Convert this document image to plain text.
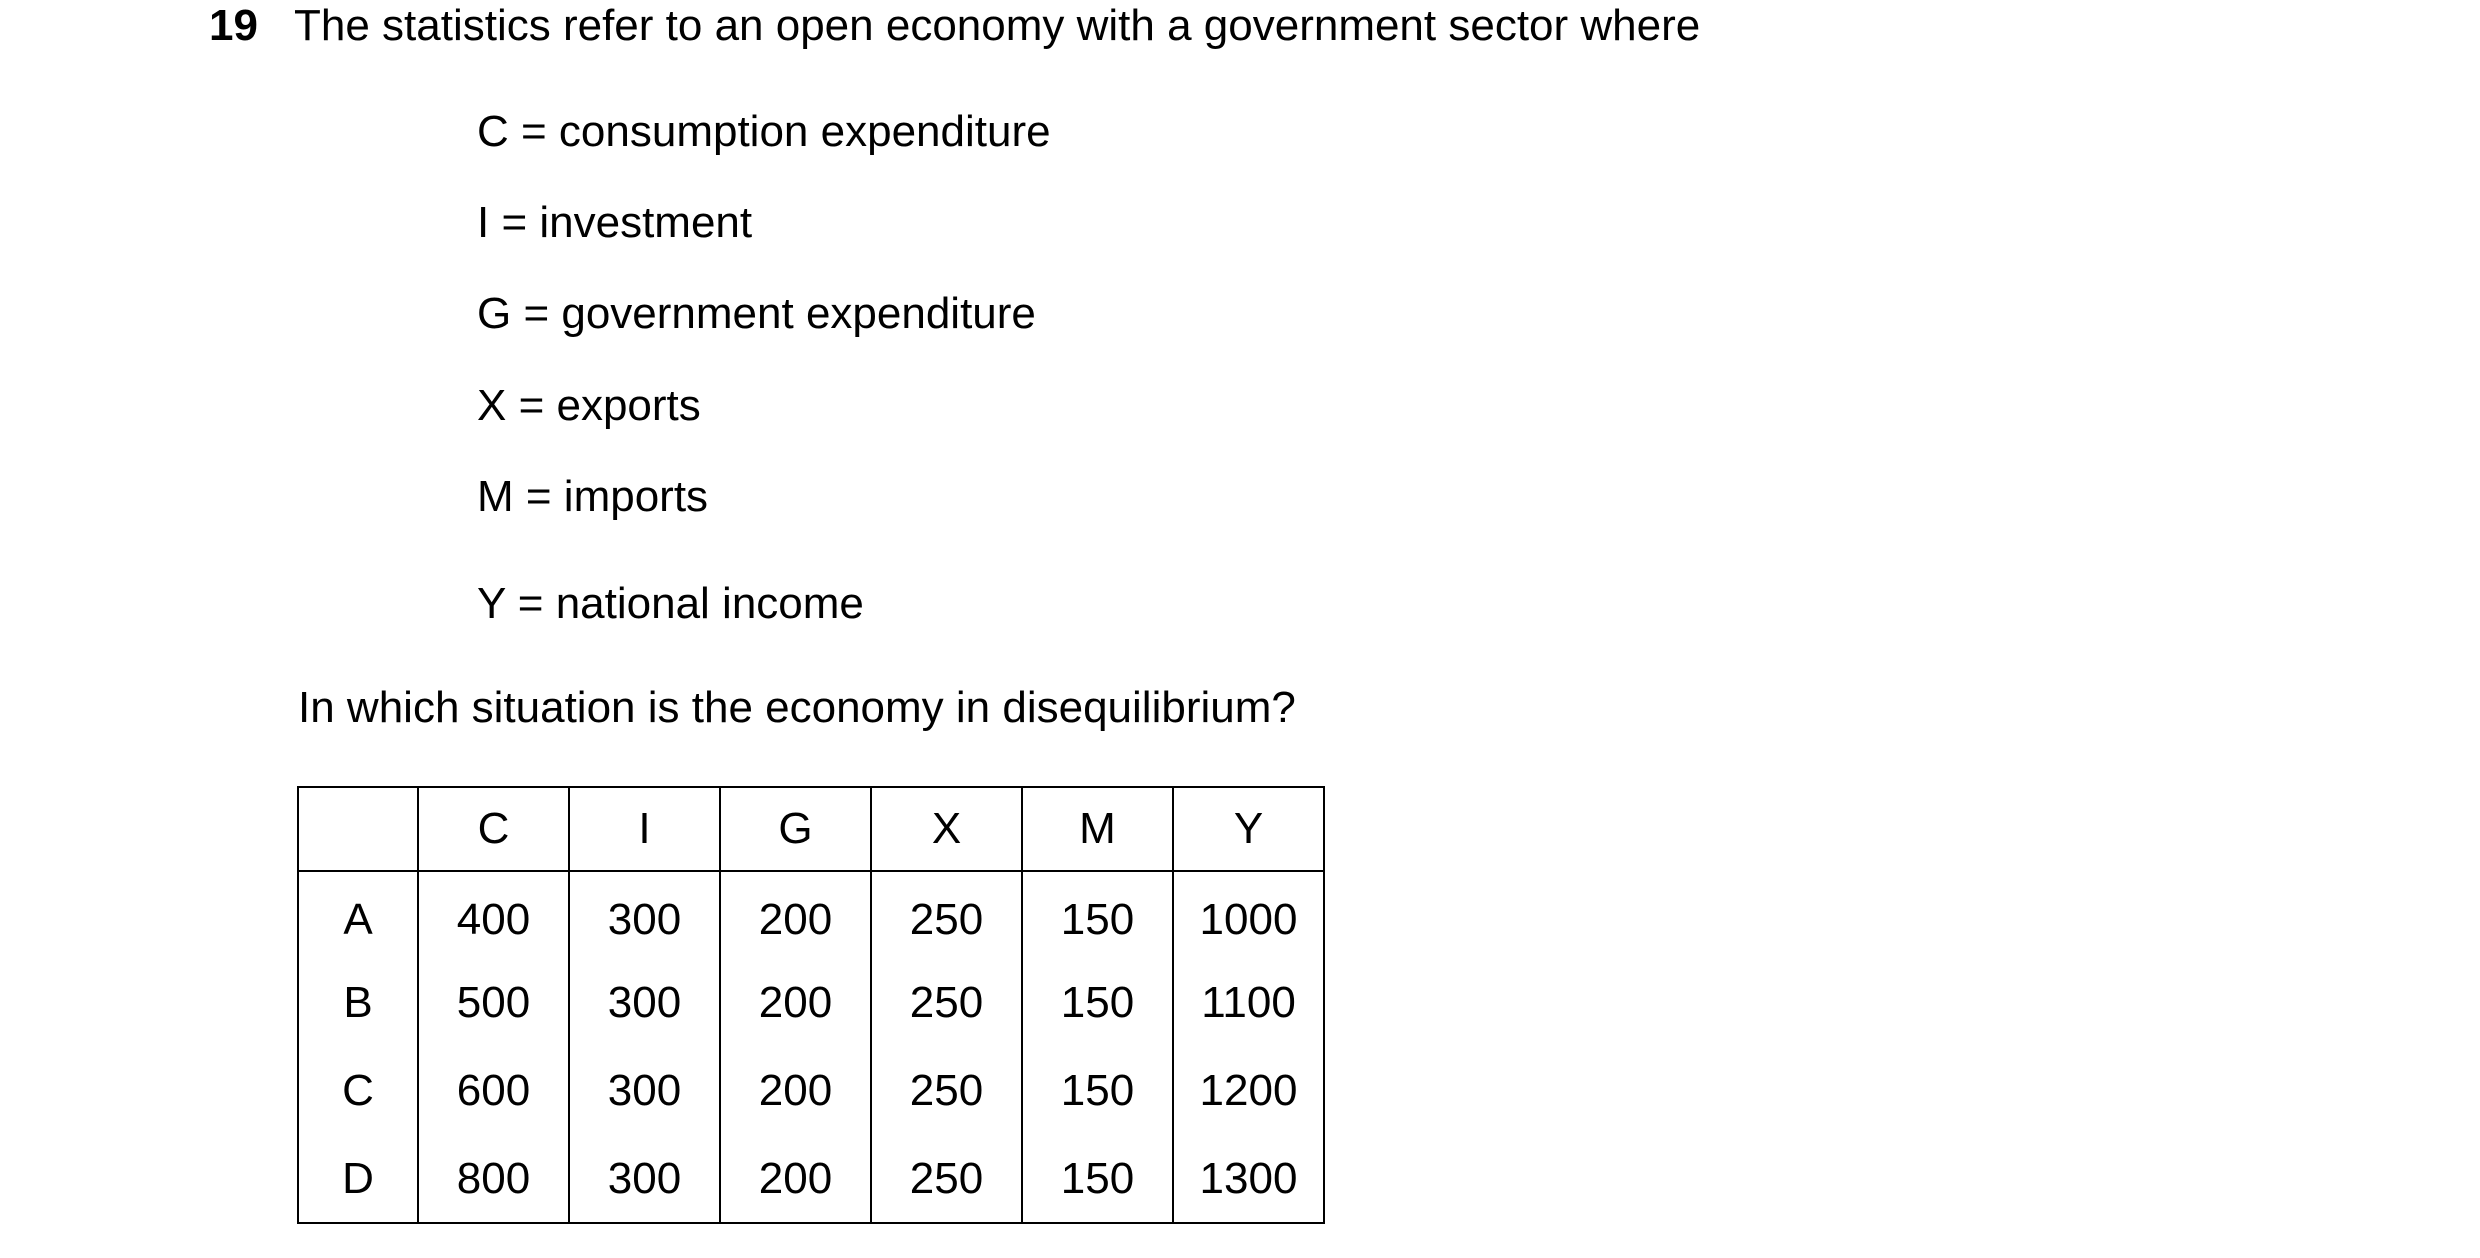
19 The statistics refer to an open economy with a government sector where
C = consumption expenditure
I = investment
G = government expenditure
X = exports
M = imports
Y = national income
In which situation is the economy in disequilibrium?
	C	I	G	X	M	Y
A	400	300	200	250	150	1000
B	500	300	200	250	150	1100
C	600	300	200	250	150	1200
D	800	300	200	250	150	1300
